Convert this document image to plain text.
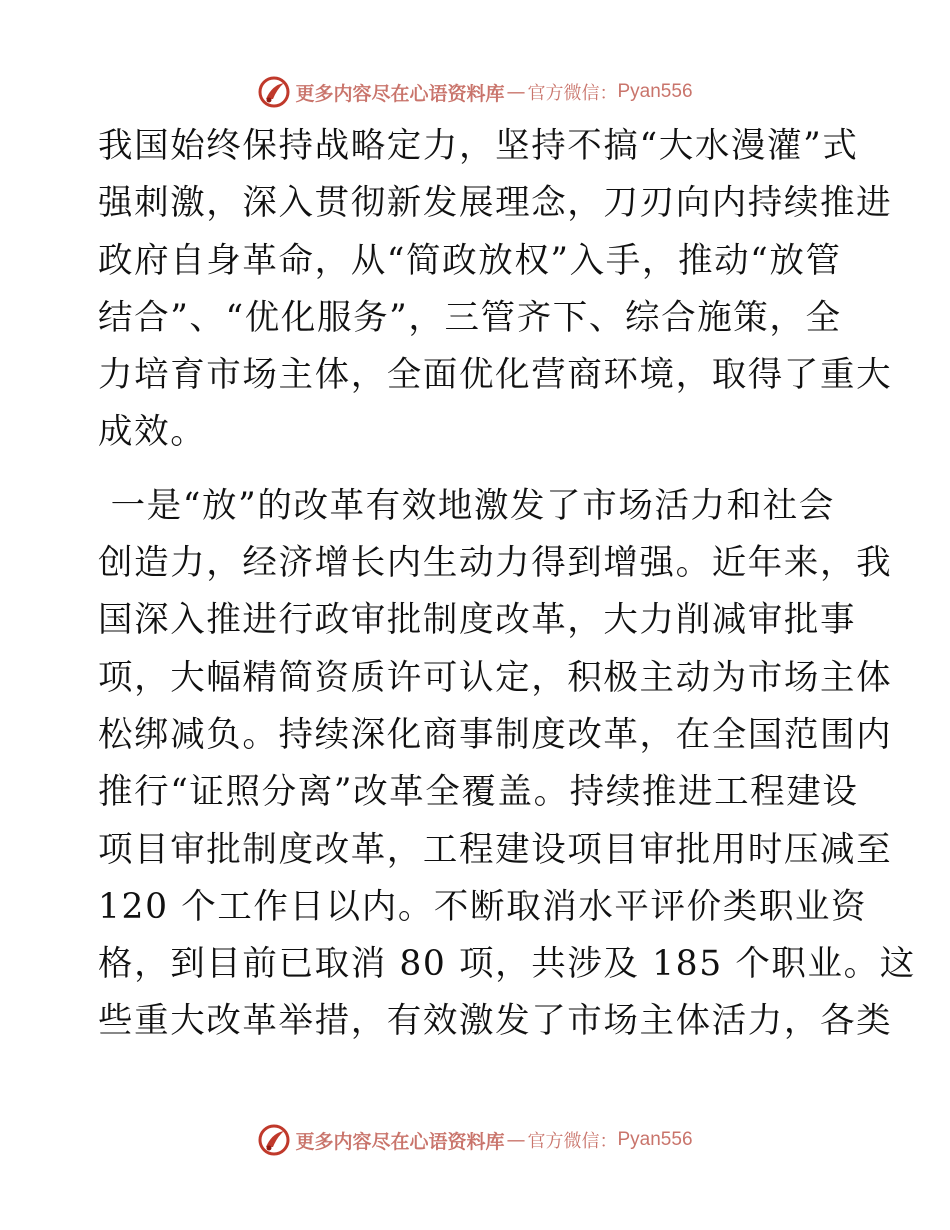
更多内容尽在心语资料库 — 官方微信： Pyan556
我国始终保持战略定力，坚持不搞“大水漫灌”式
强刺激，深入贯彻新发展理念，刀刃向内持续推进
政府自身革命，从“简政放权”入手，推动“放管
结合”、“优化服务”，三管齐下、综合施策，全
力培育市场主体，全面优化营商环境，取得了重大
成效。
一是“放”的改革有效地激发了市场活力和社会
创造力，经济增长内生动力得到增强。近年来，我
国深入推进行政审批制度改革，大力削减审批事
项，大幅精简资质许可认定，积极主动为市场主体
松绑减负。持续深化商事制度改革，在全国范围内
推行“证照分离”改革全覆盖。持续推进工程建设
项目审批制度改革，工程建设项目审批用时压减至
120 个工作日以内。不断取消水平评价类职业资
格，到目前已取消 80 项，共涉及 185 个职业。这
些重大改革举措，有效激发了市场主体活力，各类
更多内容尽在心语资料库 — 官方微信： Pyan556
